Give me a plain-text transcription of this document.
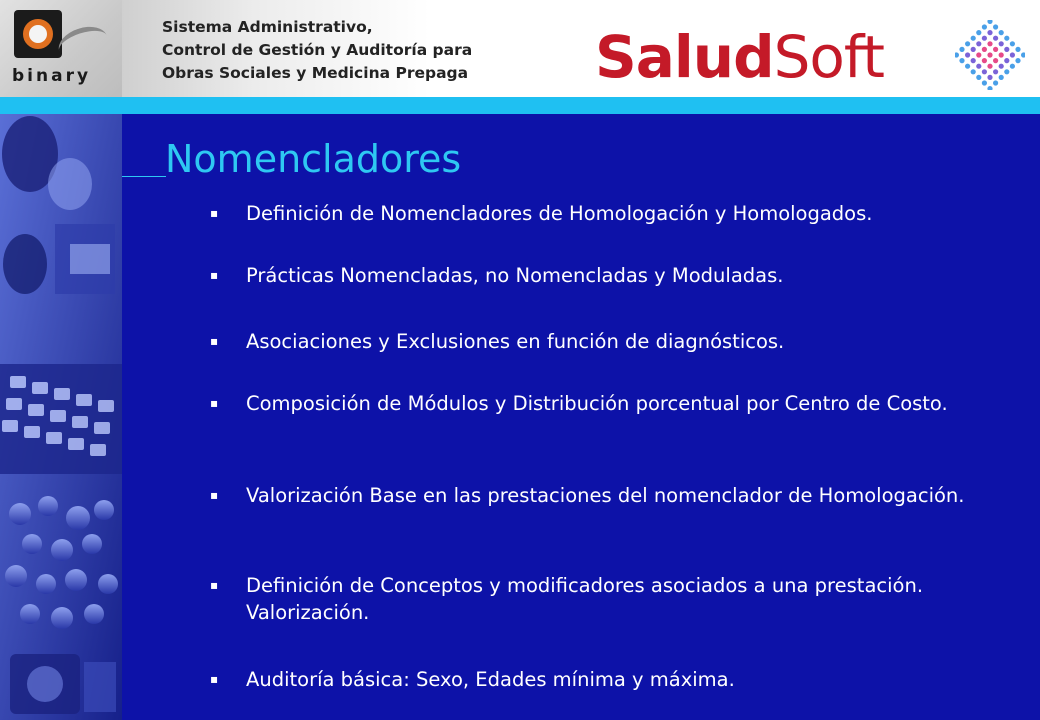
binary
Sistema Administrativo,
Control de Gestión y Auditoría para
Obras Sociales y Medicina Prepaga SaludSoft
Nomencladores
▪ Definición de Nomencladores de Homologación y Homologados.
▪ Prácticas Nomencladas, no Nomencladas y Moduladas.
▪ Asociaciones y Exclusiones en función de diagnósticos.
▪ Composición de Módulos y Distribución porcentual por Centro de Costo.
▪ Valorización Base en las prestaciones del nomenclador de Homologación.
▪ Definición de Conceptos y modificadores asociados a una prestación. Valorización.
▪ Auditoría básica: Sexo, Edades mínima y máxima.
